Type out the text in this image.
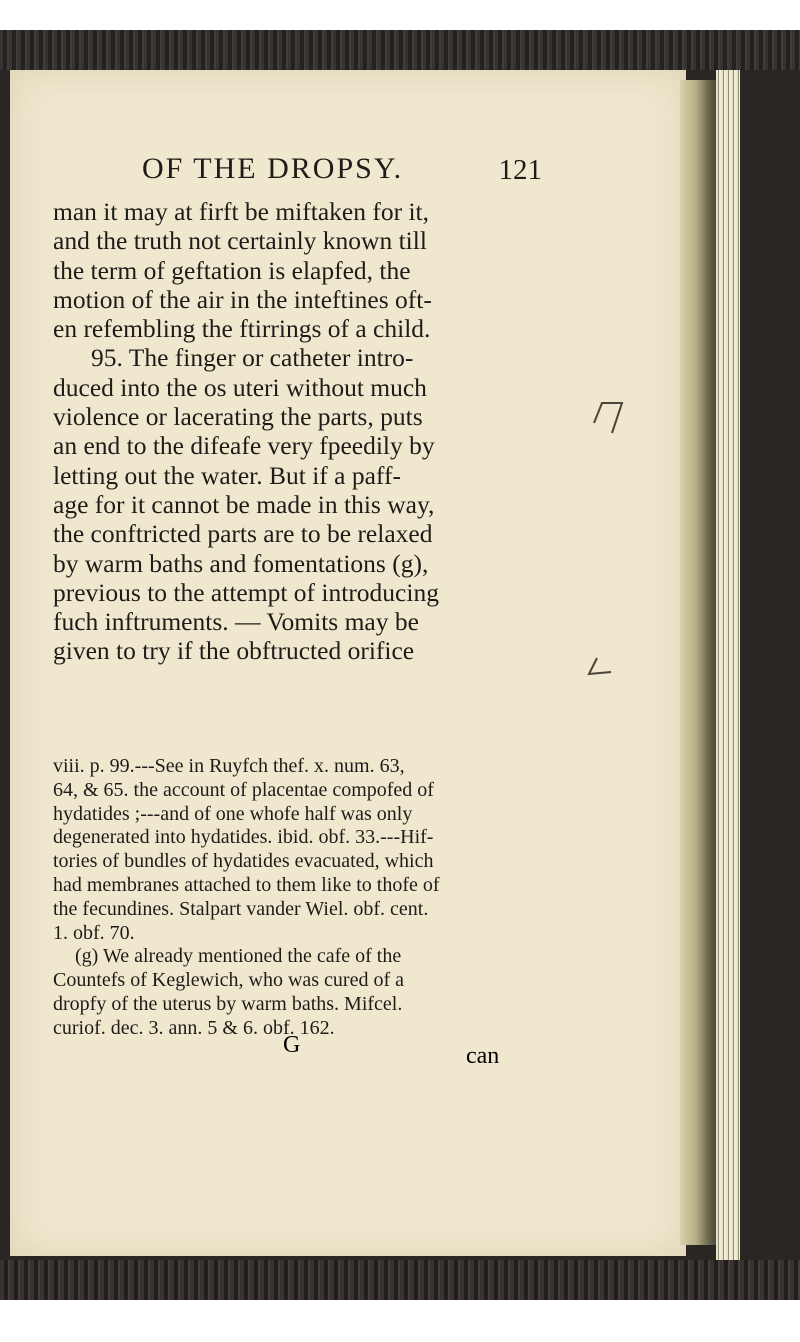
OF THE DROPSY.	121
man it may at firft be miftaken for it,
and the truth not certainly known till
the term of geftation is elapfed, the
motion of the air in the inteftines oft-
en refembling the ftirrings of a child.
95. The finger or catheter intro-
duced into the os uteri without much
violence or lacerating the parts, puts
an end to the difeafe very fpeedily by
letting out the water. But if a paff-
age for it cannot be made in this way,
the conftricted parts are to be relaxed
by warm baths and fomentations (g),
previous to the attempt of introducing
fuch inftruments. — Vomits may be
given to try if the obftructed orifice
viii. p. 99.---See in Ruyfch thef. x. num. 63,
64, & 65. the account of placentae compofed of
hydatides ;---and of one whofe half was only
degenerated into hydatides. ibid. obf. 33.---Hif-
tories of bundles of hydatides evacuated, which
had membranes attached to them like to thofe of
the fecundines. Stalpart vander Wiel. obf. cent.
1. obf. 70.
(g) We already mentioned the cafe of the
Countefs of Keglewich, who was cured of a
dropfy of the uterus by warm baths. Mifcel.
curiof. dec. 3. ann. 5 & 6. obf. 162.
G	can
